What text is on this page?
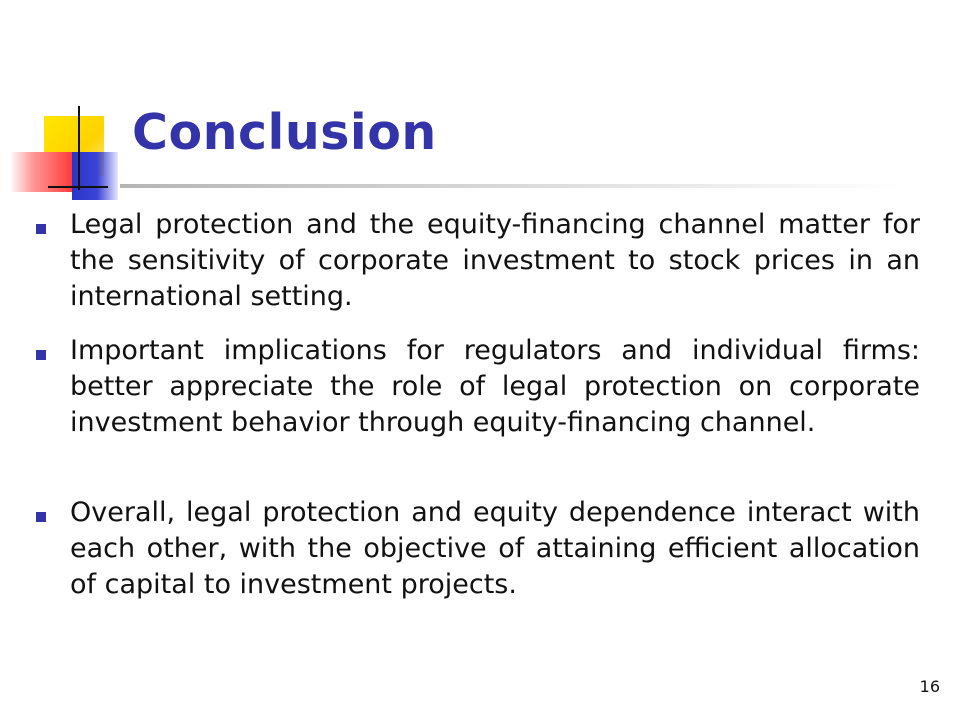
Conclusion
Legal protection and the equity-financing channel matter for the sensitivity of corporate investment to stock prices in an international setting.
Important implications for regulators and individual firms: better appreciate the role of legal protection on corporate investment behavior through equity-financing channel.
Overall, legal protection and equity dependence interact with each other, with the objective of attaining efficient allocation of capital to investment projects.
16
